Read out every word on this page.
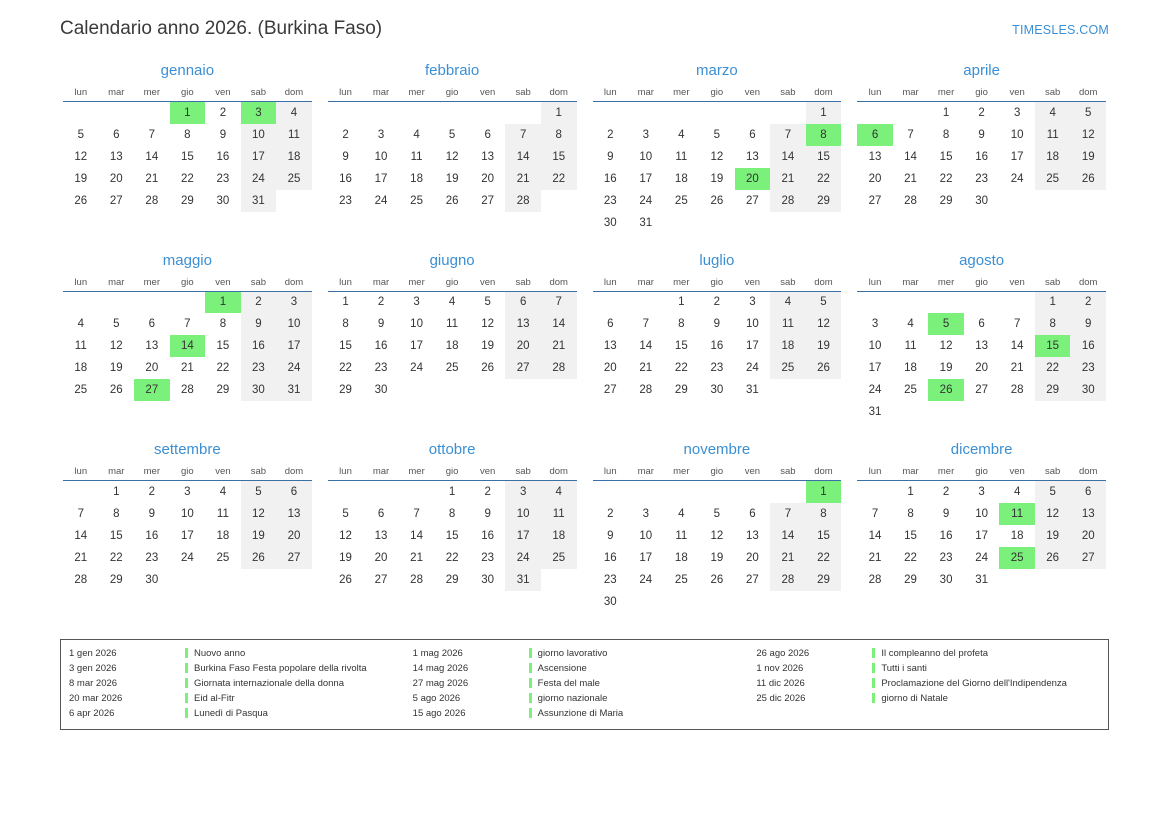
Calendario anno 2026. (Burkina Faso)	TIMESLES.COM
gennaio
lun	mar	mer	gio	ven	sab	dom
			1	2	3	4
5	6	7	8	9	10	11
12	13	14	15	16	17	18
19	20	21	22	23	24	25
26	27	28	29	30	31	
febbraio
lun	mar	mer	gio	ven	sab	dom
						1
2	3	4	5	6	7	8
9	10	11	12	13	14	15
16	17	18	19	20	21	22
23	24	25	26	27	28	
marzo
lun	mar	mer	gio	ven	sab	dom
						1
2	3	4	5	6	7	8
9	10	11	12	13	14	15
16	17	18	19	20	21	22
23	24	25	26	27	28	29
30	31					
aprile
lun	mar	mer	gio	ven	sab	dom
		1	2	3	4	5
6	7	8	9	10	11	12
13	14	15	16	17	18	19
20	21	22	23	24	25	26
27	28	29	30			
maggio
lun	mar	mer	gio	ven	sab	dom
				1	2	3
4	5	6	7	8	9	10
11	12	13	14	15	16	17
18	19	20	21	22	23	24
25	26	27	28	29	30	31
giugno
lun	mar	mer	gio	ven	sab	dom
1	2	3	4	5	6	7
8	9	10	11	12	13	14
15	16	17	18	19	20	21
22	23	24	25	26	27	28
29	30					
luglio
lun	mar	mer	gio	ven	sab	dom
		1	2	3	4	5
6	7	8	9	10	11	12
13	14	15	16	17	18	19
20	21	22	23	24	25	26
27	28	29	30	31		
agosto
lun	mar	mer	gio	ven	sab	dom
					1	2
3	4	5	6	7	8	9
10	11	12	13	14	15	16
17	18	19	20	21	22	23
24	25	26	27	28	29	30
31						
settembre
lun	mar	mer	gio	ven	sab	dom
	1	2	3	4	5	6
7	8	9	10	11	12	13
14	15	16	17	18	19	20
21	22	23	24	25	26	27
28	29	30				
ottobre
lun	mar	mer	gio	ven	sab	dom
			1	2	3	4
5	6	7	8	9	10	11
12	13	14	15	16	17	18
19	20	21	22	23	24	25
26	27	28	29	30	31	
novembre
lun	mar	mer	gio	ven	sab	dom
						1
2	3	4	5	6	7	8
9	10	11	12	13	14	15
16	17	18	19	20	21	22
23	24	25	26	27	28	29
30						
dicembre
lun	mar	mer	gio	ven	sab	dom
	1	2	3	4	5	6
7	8	9	10	11	12	13
14	15	16	17	18	19	20
21	22	23	24	25	26	27
28	29	30	31			
1 gen 2026	Nuovo anno
3 gen 2026	Burkina Faso Festa popolare della rivolta
8 mar 2026	Giornata internazionale della donna
20 mar 2026	Eid al-Fitr
6 apr 2026	Lunedì di Pasqua
1 mag 2026	giorno lavorativo
14 mag 2026	Ascensione
27 mag 2026	Festa del male
5 ago 2026	giorno nazionale
15 ago 2026	Assunzione di Maria
26 ago 2026	Il compleanno del profeta
1 nov 2026	Tutti i santi
11 dic 2026	Proclamazione del Giorno dell'Indipendenza
25 dic 2026	giorno di Natale
